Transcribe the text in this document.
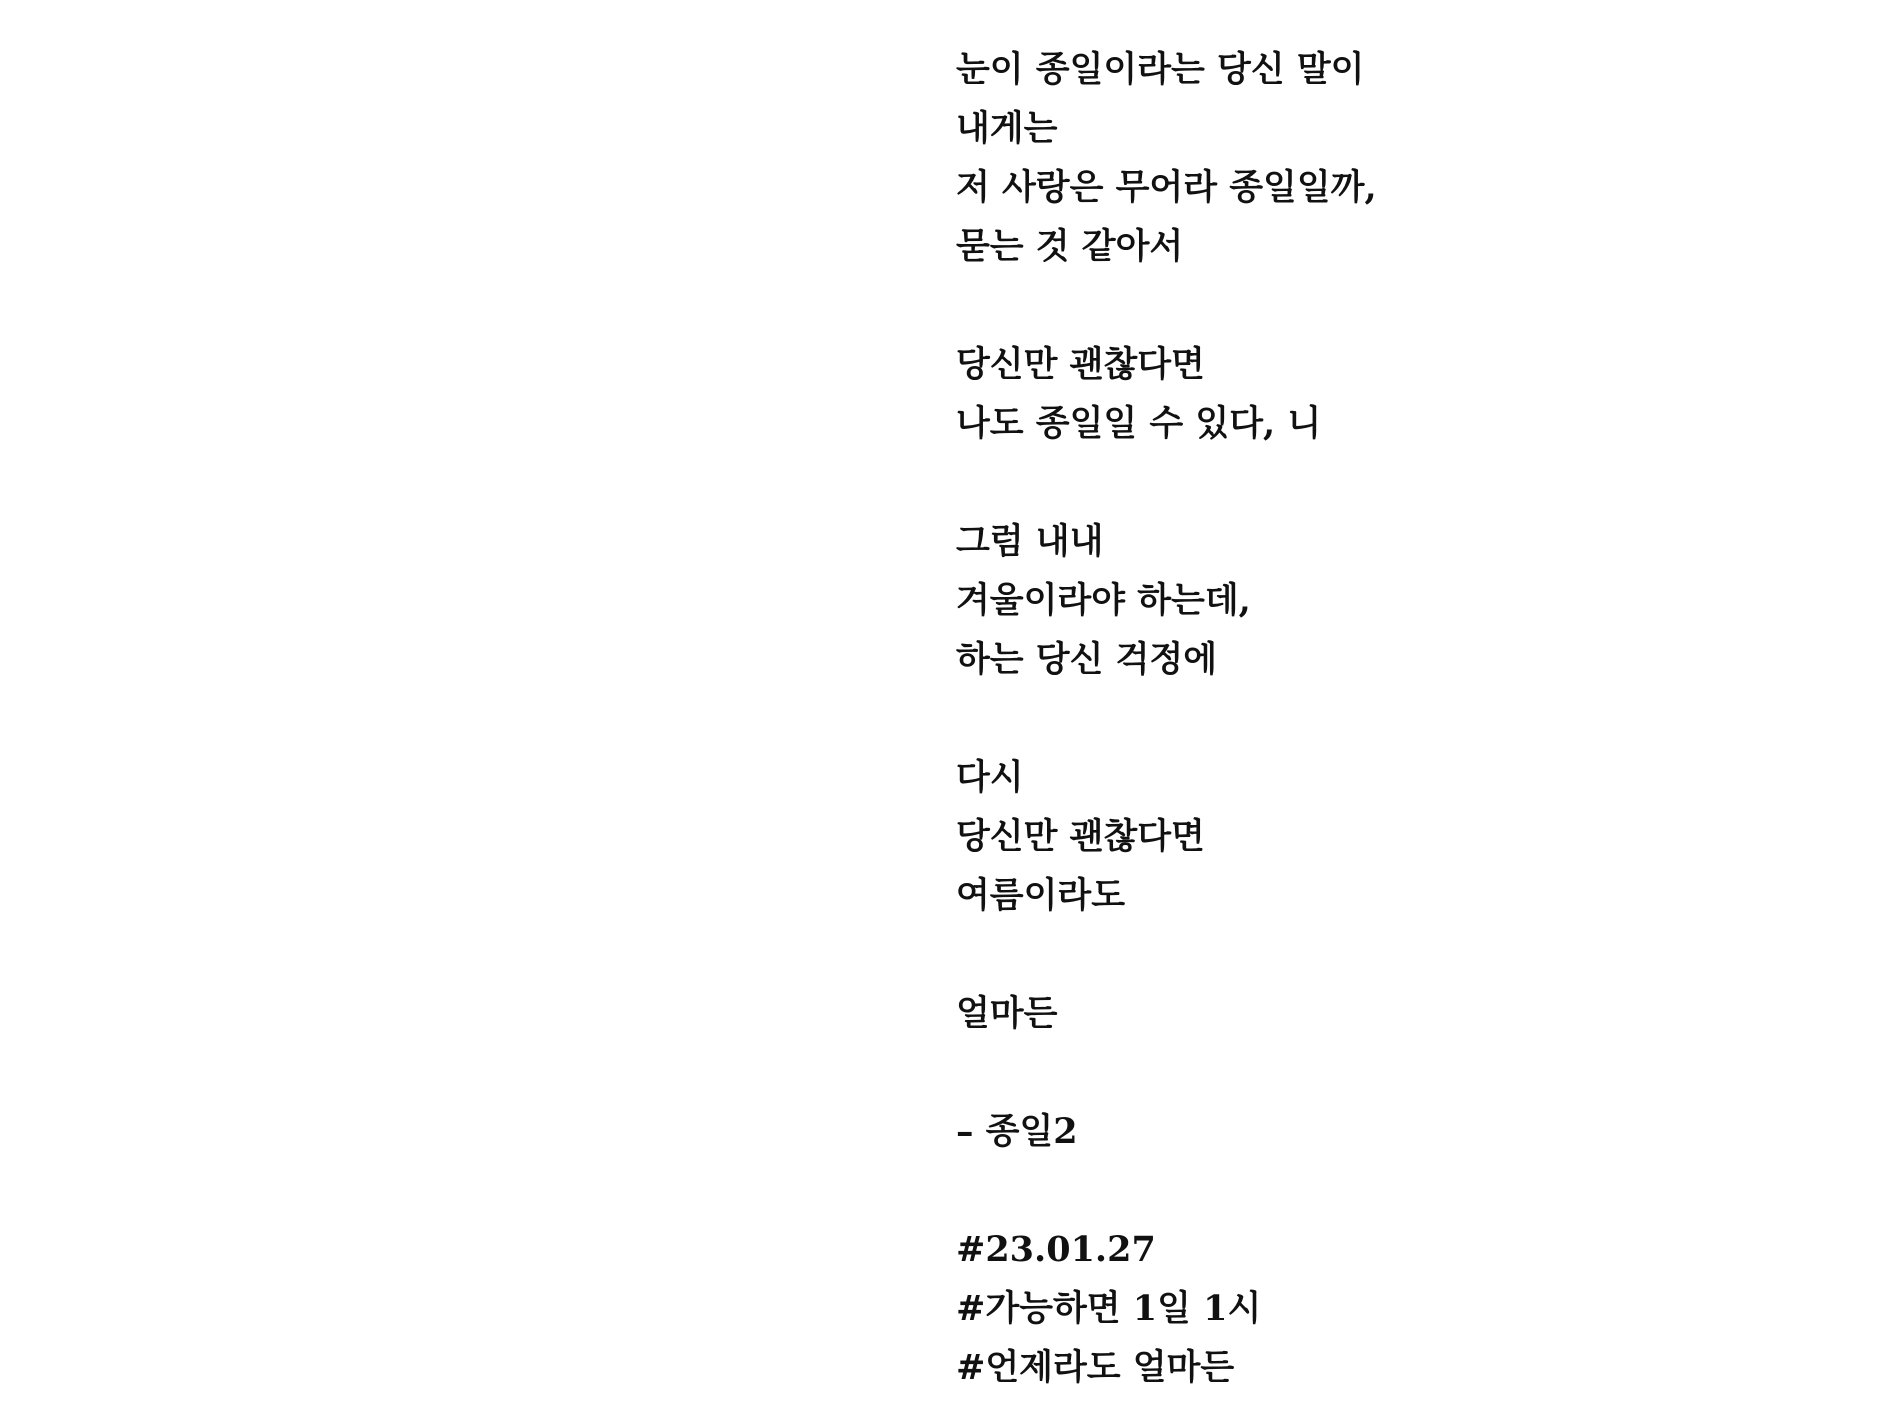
눈이 종일이라는 당신 말이
내게는
저 사랑은 무어라 종일일까,
묻는 것 같아서
당신만 괜찮다면
나도 종일일 수 있다, 니
그럼 내내
겨울이라야 하는데,
하는 당신 걱정에
다시
당신만 괜찮다면
여름이라도
얼마든
– 종일2
#23.01.27
#가능하면 1일 1시
#언제라도 얼마든
